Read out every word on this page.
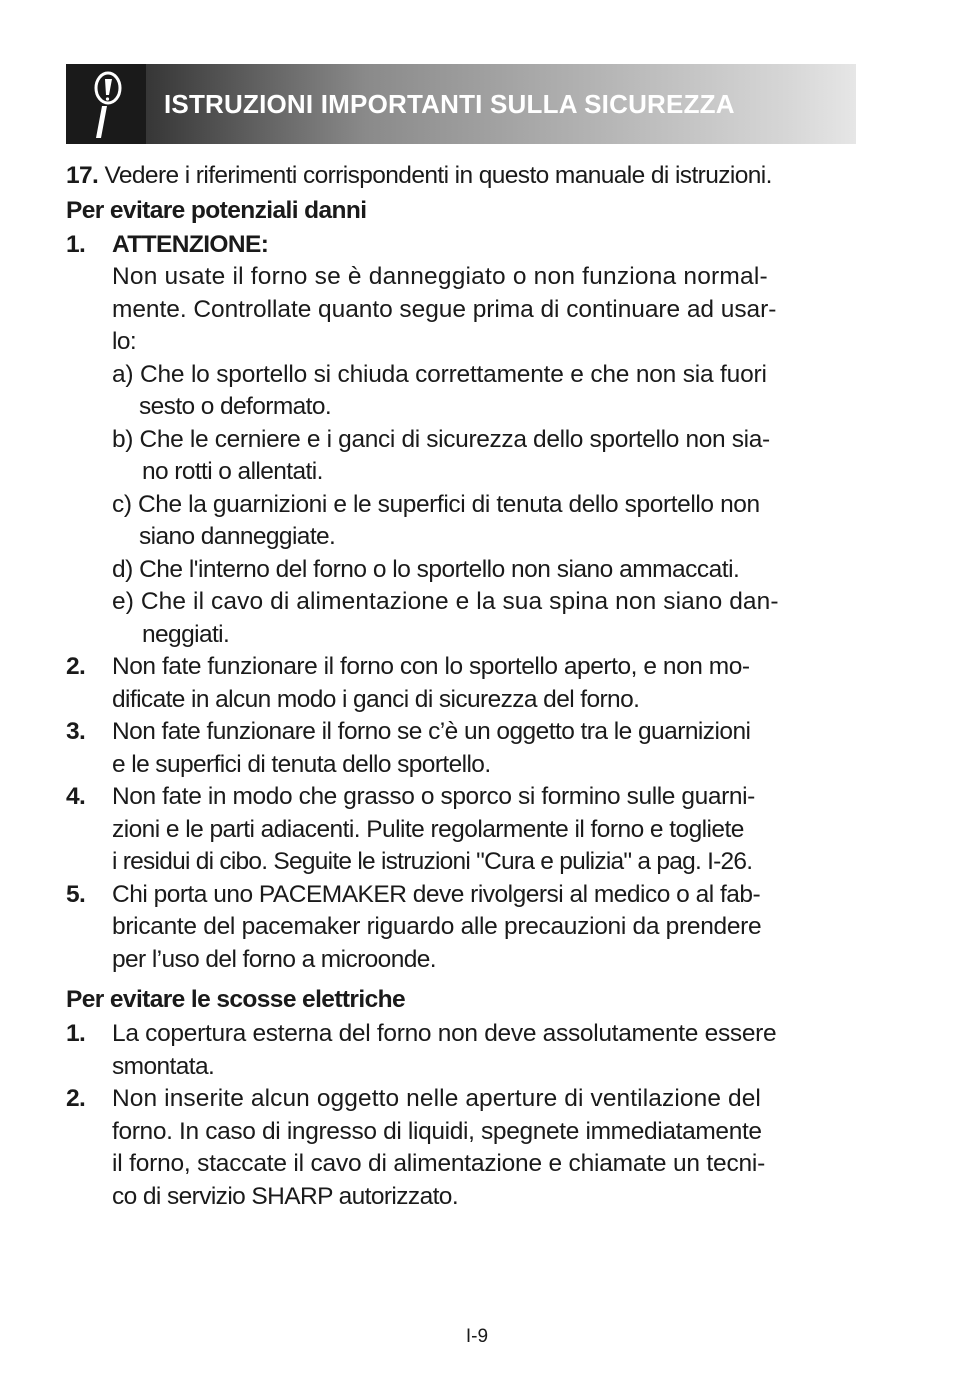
ISTRUZIONI IMPORTANTI SULLA SICUREZZA
17. Vedere i riferimenti corrispondenti in questo manuale di istruzioni.
Per evitare potenziali danni
1. ATTENZIONE:
Non usate il forno se è danneggiato o non funziona normal-
mente. Controllate quanto segue prima di continuare ad usar-
lo:
a) Che lo sportello si chiuda correttamente e che non sia fuori
sesto o deformato.
b) Che le cerniere e i ganci di sicurezza dello sportello non sia-
no rotti o allentati.
c) Che la guarnizioni e le superfici di tenuta dello sportello non
siano danneggiate.
d) Che l'interno del forno o lo sportello non siano ammaccati.
e) Che il cavo di alimentazione e la sua spina non siano dan-
neggiati.
2. Non fate funzionare il forno con lo sportello aperto, e non mo-
dificate in alcun modo i ganci di sicurezza del forno.
3. Non fate funzionare il forno se c’è un oggetto tra le guarnizioni
e le superfici di tenuta dello sportello.
4. Non fate in modo che grasso o sporco si formino sulle guarni-
zioni e le parti adiacenti. Pulite regolarmente il forno e togliete
i residui di cibo. Seguite le istruzioni "Cura e pulizia" a pag. I-26.
5. Chi porta uno PACEMAKER deve rivolgersi al medico o al fab-
bricante del pacemaker riguardo alle precauzioni da prendere
per l’uso del forno a microonde.
Per evitare le scosse elettriche
1. La copertura esterna del forno non deve assolutamente essere
smontata.
2. Non inserite alcun oggetto nelle aperture di ventilazione del
forno. In caso di ingresso di liquidi, spegnete immediatamente
il forno, staccate il cavo di alimentazione e chiamate un tecni-
co di servizio SHARP autorizzato.
I-9
